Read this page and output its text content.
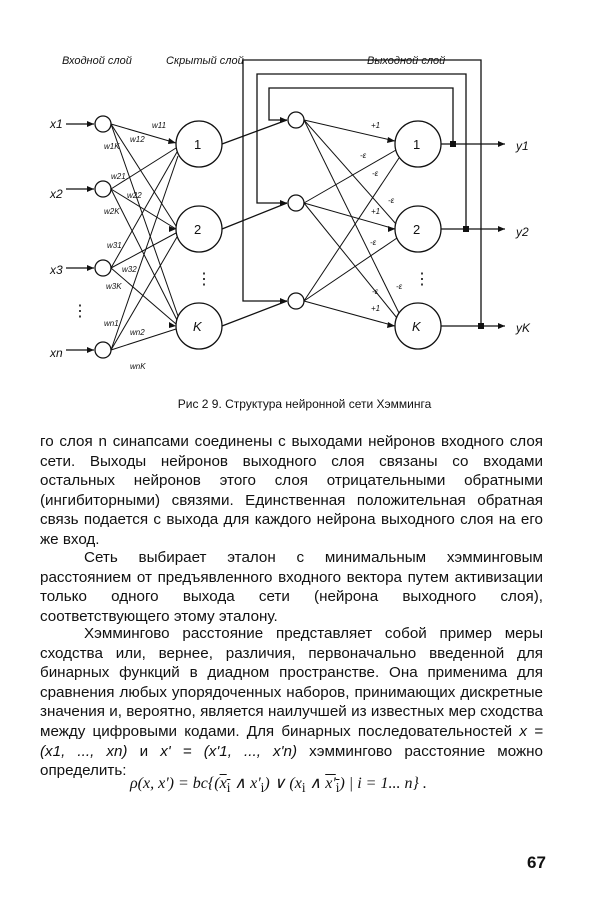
Входной слой	Скрытый слой	Выходной слой
x1
x2
x3
xn
⋮
1
2
K
⋮
1
2
K
⋮
y1
y2
yK
w11
w12
w1K
w21
w22
w2K
w31
w32
w3K
wn1
wn2
wnK
+1
+1
+1
-ε
-ε
-ε
-ε
-ε
-ε
Рис 2 9. Структура нейронной сети Хэмминга

го слоя n синапсами соединены с выходами нейронов входного слоя сети. Выходы нейронов выходного слоя связаны со входами остальных нейронов этого слоя отрицательными обратными (ингибиторными) связями. Единственная положительная обратная связь подается с выхода для каждого нейрона выходного слоя на его же вход.

Сеть выбирает эталон с минимальным хэмминговым расстоянием от предъявленного входного вектора путем активизации только одного выхода сети (нейрона выходного слоя), соответствующего этому эталону.

Хэммингово расстояние представляет собой пример меры сходства или, вернее, различия, первоначально введенной для бинарных функций в диадном пространстве. Она применима для сравнения любых упорядоченных наборов, принимающих дискретные значения и, вероятно, является наилучшей из известных мер сходства между цифровыми кодами. Для бинарных последовательностей x = (x1, ..., xn) и x' = (x'1, ..., x'n) хэммингово расстояние можно определить:

ρ(x, $x') = bc\{(x_i$ ∧ $x'_i$) ∨ ($x_i$ ∧ $x'_i$) | i = 1... n} .
67
